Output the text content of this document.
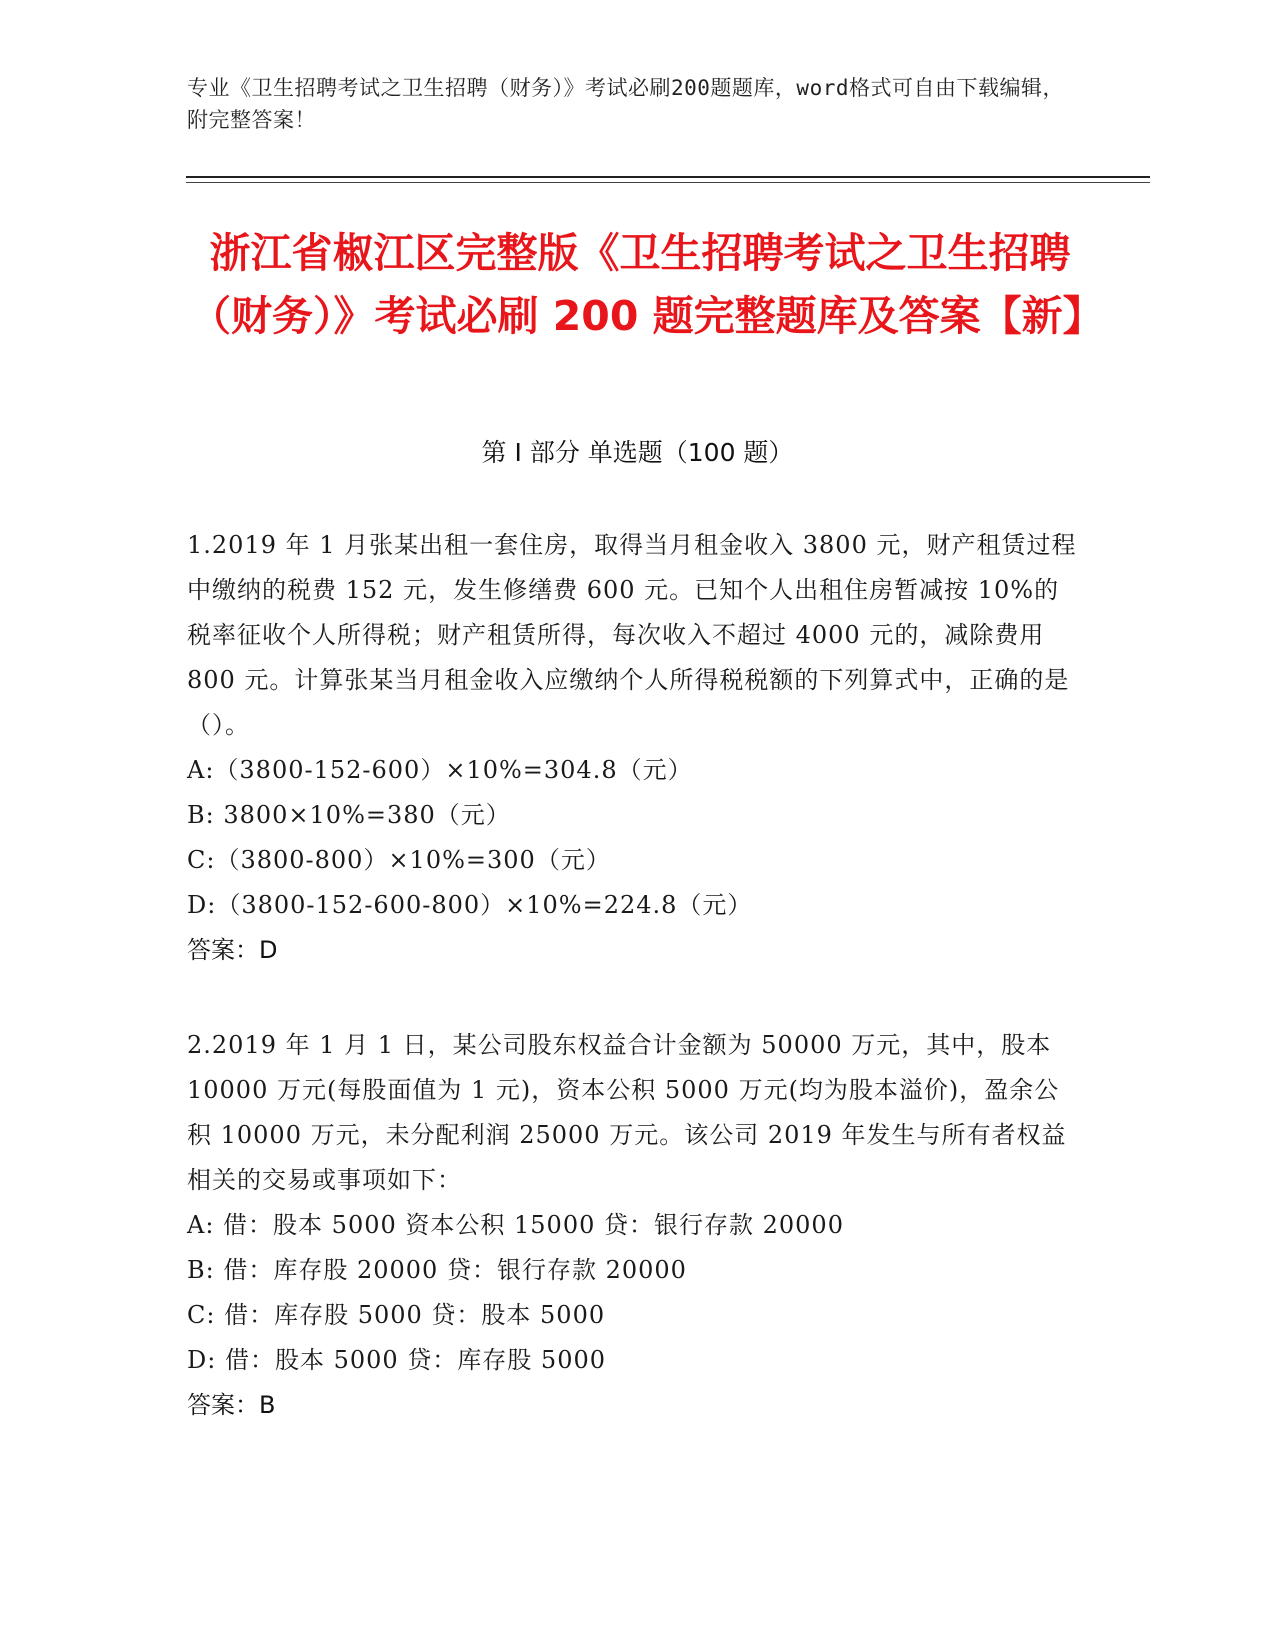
专业《卫生招聘考试之卫生招聘（财务）》考试必刷200题题库，word格式可自由下载编辑，附完整答案！
浙江省椒江区完整版《卫生招聘考试之卫生招聘（财务）》考试必刷 200 题完整题库及答案【新】
第 I 部分 单选题（100 题）
1.2019 年 1 月张某出租一套住房，取得当月租金收入 3800 元，财产租赁过程中缴纳的税费 152 元，发生修缮费 600 元。已知个人出租住房暂减按 10%的税率征收个人所得税；财产租赁所得，每次收入不超过 4000 元的，减除费用 800 元。计算张某当月租金收入应缴纳个人所得税税额的下列算式中，正确的是（）。
A:（3800-152-600）×10%=304.8（元）
B: 3800×10%=380（元）
C:（3800-800）×10%=300（元）
D:（3800-152-600-800）×10%=224.8（元）
答案：D
2.2019 年 1 月 1 日，某公司股东权益合计金额为 50000 万元，其中，股本 10000 万元(每股面值为 1 元)，资本公积 5000 万元(均为股本溢价)，盈余公积 10000 万元，未分配利润 25000 万元。该公司 2019 年发生与所有者权益相关的交易或事项如下：
A: 借：股本 5000 资本公积 15000 贷：银行存款 20000
B: 借：库存股 20000 贷：银行存款 20000
C: 借：库存股 5000 贷：股本 5000
D: 借：股本 5000 贷：库存股 5000
答案：B
